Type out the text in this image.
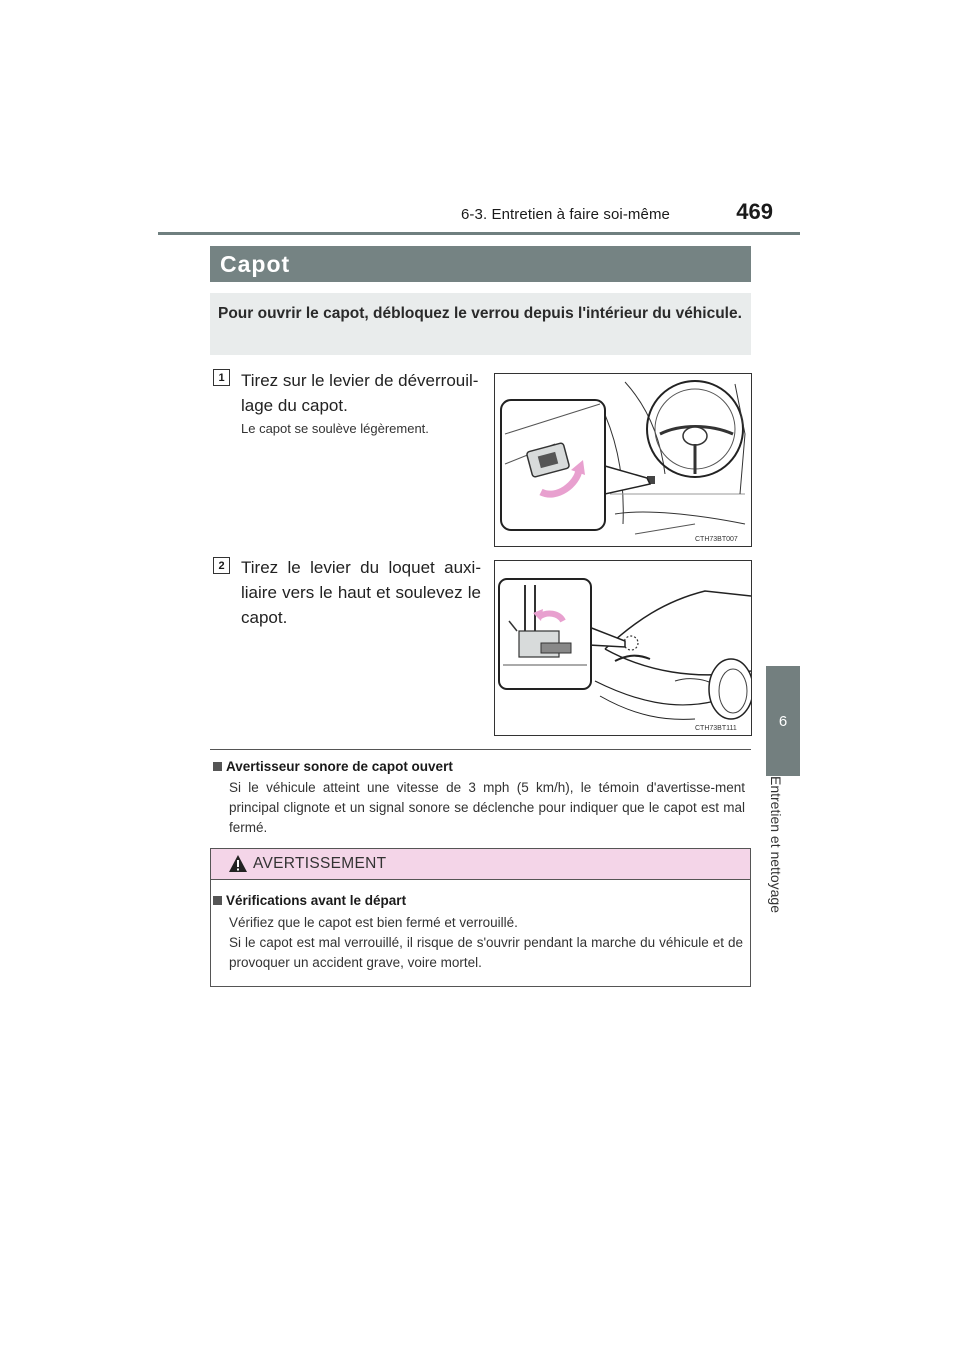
6-3. Entretien à faire soi-même	469
6
Entretien et nettoyage
Capot

Pour ouvrir le capot, débloquez le verrou depuis l'intérieur du véhicule.

1 Tirez sur le levier de déverrouil-lage du capot.
Le capot se soulève légèrement.
CTH73BT007
2 Tirez le levier du loquet auxi-liaire vers le haut et soulevez le capot.
CTH73BT111
Avertisseur sonore de capot ouvert

Si le véhicule atteint une vitesse de 3 mph (5 km/h), le témoin d'avertisse-ment principal clignote et un signal sonore se déclenche pour indiquer que le capot est mal fermé.

AVERTISSEMENT
Vérifications avant le départ
Vérifiez que le capot est bien fermé et verrouillé.
Si le capot est mal verrouillé, il risque de s'ouvrir pendant la marche du véhicule et de provoquer un accident grave, voire mortel.
